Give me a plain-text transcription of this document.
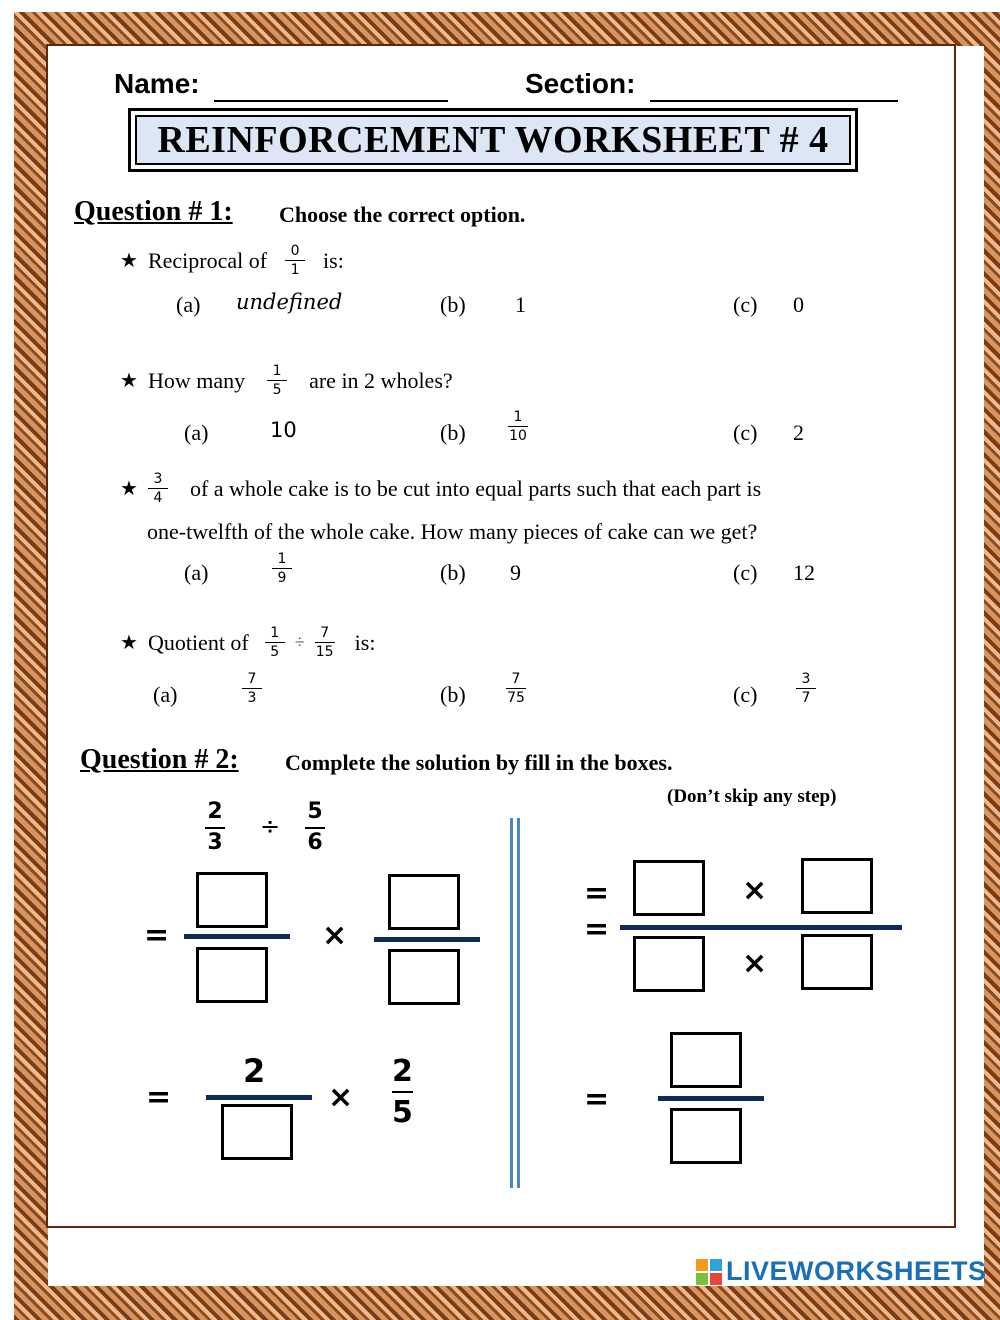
Name:	Section:
REINFORCEMENT WORKSHEET # 4
Question # 1: Choose the correct option.
★ Reciprocal of $\frac{0}{1}$ is:
(a) undefined	(b) 1	(c) 0
★ How many $\frac{1}{5}$ are in 2 wholes?
(a)	10	(b)	$\frac{1}{10}$	(c) 2
★ $\frac{3}{4}$ of a whole cake is to be cut into equal parts such that each part is
one-twelfth of the whole cake. How many pieces of cake can we get?
(a)	$\frac{1}{9}$	(b) 9	(c) 12
★ Quotient of $\frac{1}{5} \div \frac{7}{15}$ is:
(a)	$\frac{7}{3}$	(b)	$\frac{7}{75}$	(c)	$\frac{3}{7}$
Question # 2: Complete the solution by fill in the boxes.
(Don’t skip any step)
$\frac{2}{3} \div \frac{5}{6}$
=	×
=
2
× $\frac{2}{5}$
=
=
×
×
=
LIVEWORKSHEETS
